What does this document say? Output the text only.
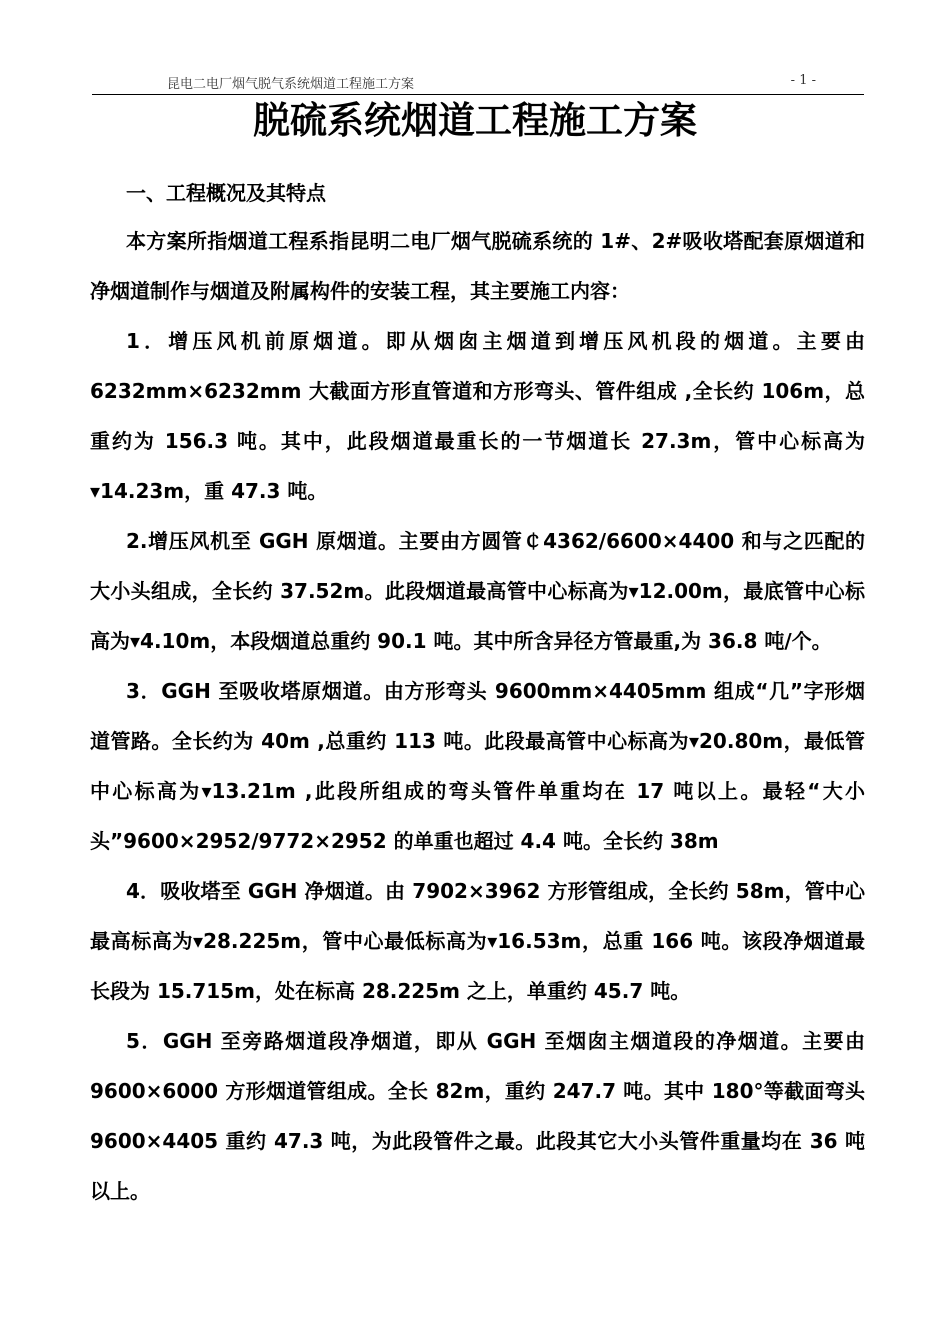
昆电二电厂烟气脱气系统烟道工程施工方案	- 1 -
脱硫系统烟道工程施工方案
一、工程概况及其特点

本方案所指烟道工程系指昆明二电厂烟气脱硫系统的 1#、2#吸收塔配套原烟道和净烟道制作与烟道及附属构件的安装工程，其主要施工内容：

1．增压风机前原烟道。即从烟囱主烟道到增压风机段的烟道。主要由6232mm×6232mm 大截面方形直管道和方形弯头、管件组成 ,全长约 106m，总重约为 156.3 吨。其中，此段烟道最重长的一节烟道长 27.3m，管中心标高为▾14.23m，重 47.3 吨。

2.增压风机至 GGH 原烟道。主要由方圆管￠4362/6600×4400 和与之匹配的大小头组成，全长约 37.52m。此段烟道最高管中心标高为▾12.00m，最底管中心标高为▾4.10m，本段烟道总重约 90.1 吨。其中所含异径方管最重,为 36.8 吨/个。

3．GGH 至吸收塔原烟道。由方形弯头 9600mm×4405mm 组成“几”字形烟道管路。全长约为 40m ,总重约 113 吨。此段最高管中心标高为▾20.80m，最低管中心标高为▾13.21m ,此段所组成的弯头管件单重均在 17 吨以上。最轻“大小头”9600×2952/9772×2952 的单重也超过 4.4 吨。全长约 38m

4．吸收塔至 GGH 净烟道。由 7902×3962 方形管组成，全长约 58m，管中心最高标高为▾28.225m，管中心最低标高为▾16.53m，总重 166 吨。该段净烟道最长段为 15.715m，处在标高 28.225m 之上，单重约 45.7 吨。

5．GGH 至旁路烟道段净烟道，即从 GGH 至烟囱主烟道段的净烟道。主要由 9600×6000 方形烟道管组成。全长 82m，重约 247.7 吨。其中 180°等截面弯头 9600×4405 重约 47.3 吨，为此段管件之最。此段其它大小头管件重量均在 36 吨以上。
